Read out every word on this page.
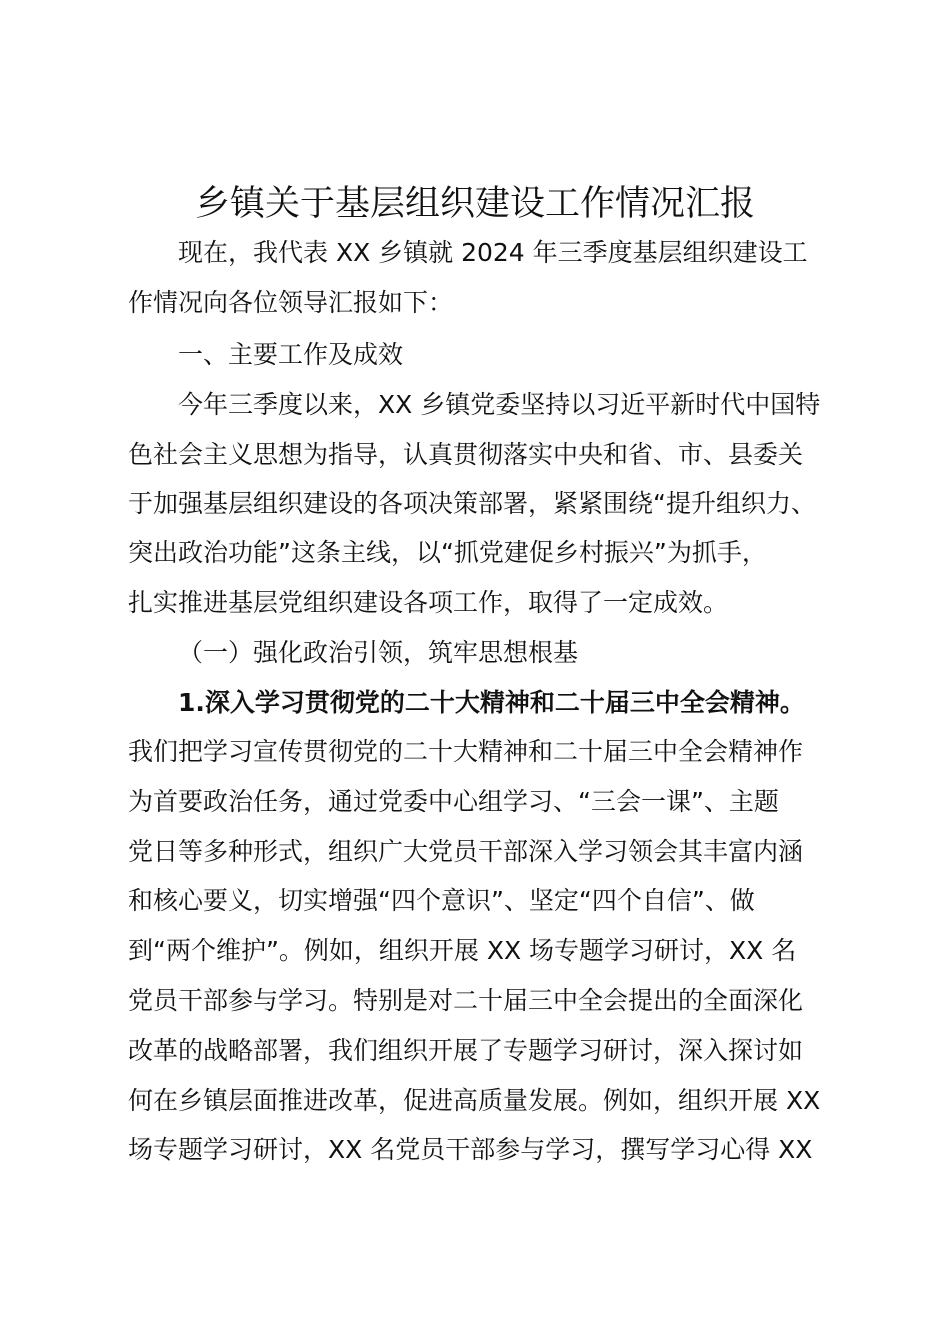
乡镇关于基层组织建设工作情况汇报
现在，我代表 XX 乡镇就 2024 年三季度基层组织建设工
作情况向各位领导汇报如下：
一、主要工作及成效
今年三季度以来，XX 乡镇党委坚持以习近平新时代中国特
色社会主义思想为指导，认真贯彻落实中央和省、市、县委关
于加强基层组织建设的各项决策部署，紧紧围绕“提升组织力、
突出政治功能”这条主线，以“抓党建促乡村振兴”为抓手，
扎实推进基层党组织建设各项工作，取得了一定成效。
（一）强化政治引领，筑牢思想根基
1.深入学习贯彻党的二十大精神和二十届三中全会精神。
我们把学习宣传贯彻党的二十大精神和二十届三中全会精神作
为首要政治任务，通过党委中心组学习、“三会一课”、主题
党日等多种形式，组织广大党员干部深入学习领会其丰富内涵
和核心要义，切实增强“四个意识”、坚定“四个自信”、做
到“两个维护”。例如，组织开展 XX 场专题学习研讨，XX 名
党员干部参与学习。特别是对二十届三中全会提出的全面深化
改革的战略部署，我们组织开展了专题学习研讨，深入探讨如
何在乡镇层面推进改革，促进高质量发展。例如，组织开展 XX
场专题学习研讨，XX 名党员干部参与学习，撰写学习心得 XX
